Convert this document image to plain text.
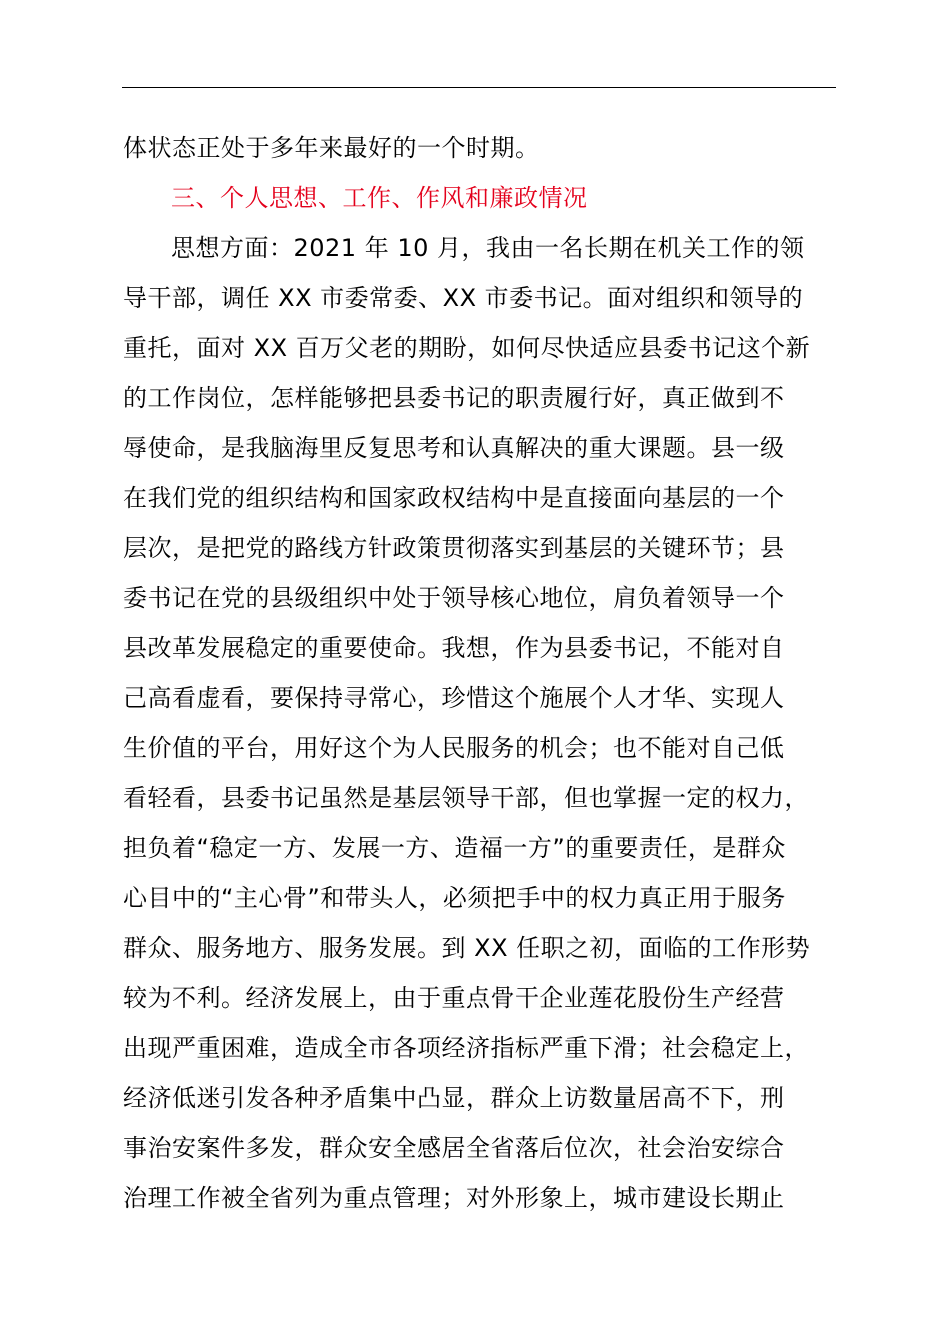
体状态正处于多年来最好的一个时期。
三、个人思想、工作、作风和廉政情况
思想方面：2021 年 10 月，我由一名长期在机关工作的领
导干部，调任 XX 市委常委、XX 市委书记。面对组织和领导的
重托，面对 XX 百万父老的期盼，如何尽快适应县委书记这个新
的工作岗位，怎样能够把县委书记的职责履行好，真正做到不
辱使命，是我脑海里反复思考和认真解决的重大课题。县一级
在我们党的组织结构和国家政权结构中是直接面向基层的一个
层次，是把党的路线方针政策贯彻落实到基层的关键环节；县
委书记在党的县级组织中处于领导核心地位，肩负着领导一个
县改革发展稳定的重要使命。我想，作为县委书记，不能对自
己高看虚看，要保持寻常心，珍惜这个施展个人才华、实现人
生价值的平台，用好这个为人民服务的机会；也不能对自己低
看轻看，县委书记虽然是基层领导干部，但也掌握一定的权力，
担负着“稳定一方、发展一方、造福一方”的重要责任，是群众
心目中的“主心骨”和带头人，必须把手中的权力真正用于服务
群众、服务地方、服务发展。到 XX 任职之初，面临的工作形势
较为不利。经济发展上，由于重点骨干企业莲花股份生产经营
出现严重困难，造成全市各项经济指标严重下滑；社会稳定上，
经济低迷引发各种矛盾集中凸显，群众上访数量居高不下，刑
事治安案件多发，群众安全感居全省落后位次，社会治安综合
治理工作被全省列为重点管理；对外形象上，城市建设长期止
